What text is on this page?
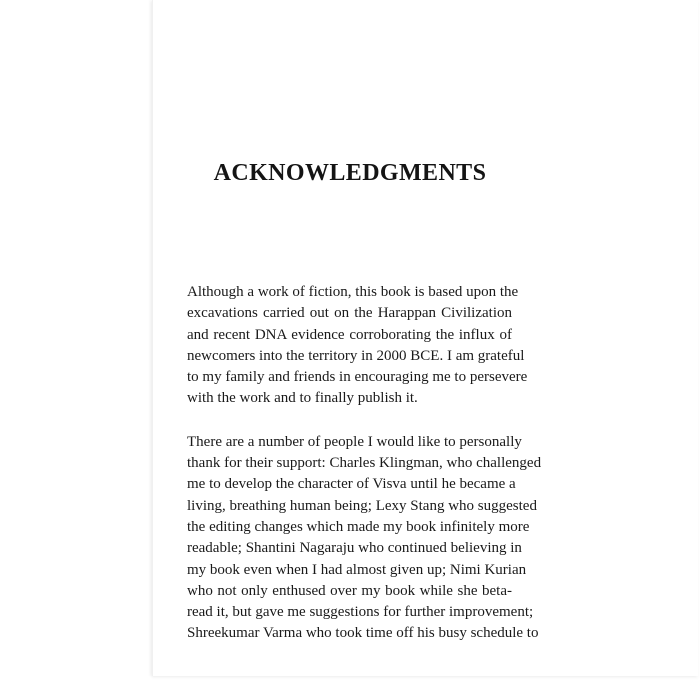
ACKNOWLEDGMENTS
Although a work of fiction, this book is based upon the
excavations carried out on the Harappan Civilization
and recent DNA evidence corroborating the influx of
newcomers into the territory in 2000 BCE. I am grateful
to my family and friends in encouraging me to persevere
with the work and to finally publish it.
There are a number of people I would like to personally
thank for their support: Charles Klingman, who challenged
me to develop the character of Visva until he became a
living, breathing human being; Lexy Stang who suggested
the editing changes which made my book infinitely more
readable; Shantini Nagaraju who continued believing in
my book even when I had almost given up; Nimi Kurian
who not only enthused over my book while she beta-
read it, but gave me suggestions for further improvement;
Shreekumar Varma who took time off his busy schedule to
